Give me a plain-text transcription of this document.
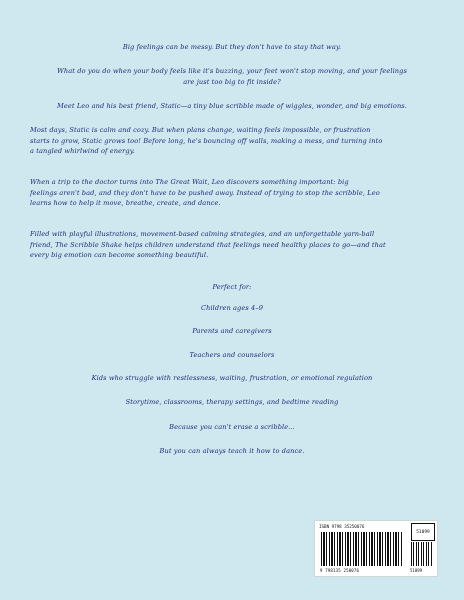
Big feelings can be messy. But they don't have to stay that way.

What do you do when your body feels like it's buzzing, your feet won't stop moving, and your feelings

are just too big to fit inside?

Meet Leo and his best friend, Static—a tiny blue scribble made of wiggles, wonder, and big emotions.

Most days, Static is calm and cozy. But when plans change, waiting feels impossible, or frustration

starts to grow, Static grows too! Before long, he's bouncing off walls, making a mess, and turning into

a tangled whirlwind of energy.

When a trip to the doctor turns into The Great Wait, Leo discovers something important: big

feelings aren't bad, and they don't have to be pushed away. Instead of trying to stop the scribble, Leo

learns how to help it move, breathe, create, and dance.

Filled with playful illustrations, movement-based calming strategies, and an unforgettable yarn-ball

friend, The Scribble Shake helps children understand that feelings need healthy places to go—and that

every big emotion can become something beautiful.

Perfect for:

Children ages 4–9

Parents and caregivers

Teachers and counselors

Kids who struggle with restlessness, waiting, frustration, or emotional regulation

Storytime, classrooms, therapy settings, and bedtime reading

Because you can't erase a scribble...

But you can always teach it how to dance.

ISBN 9798 35250076
51099
9 798135 250076	51099
